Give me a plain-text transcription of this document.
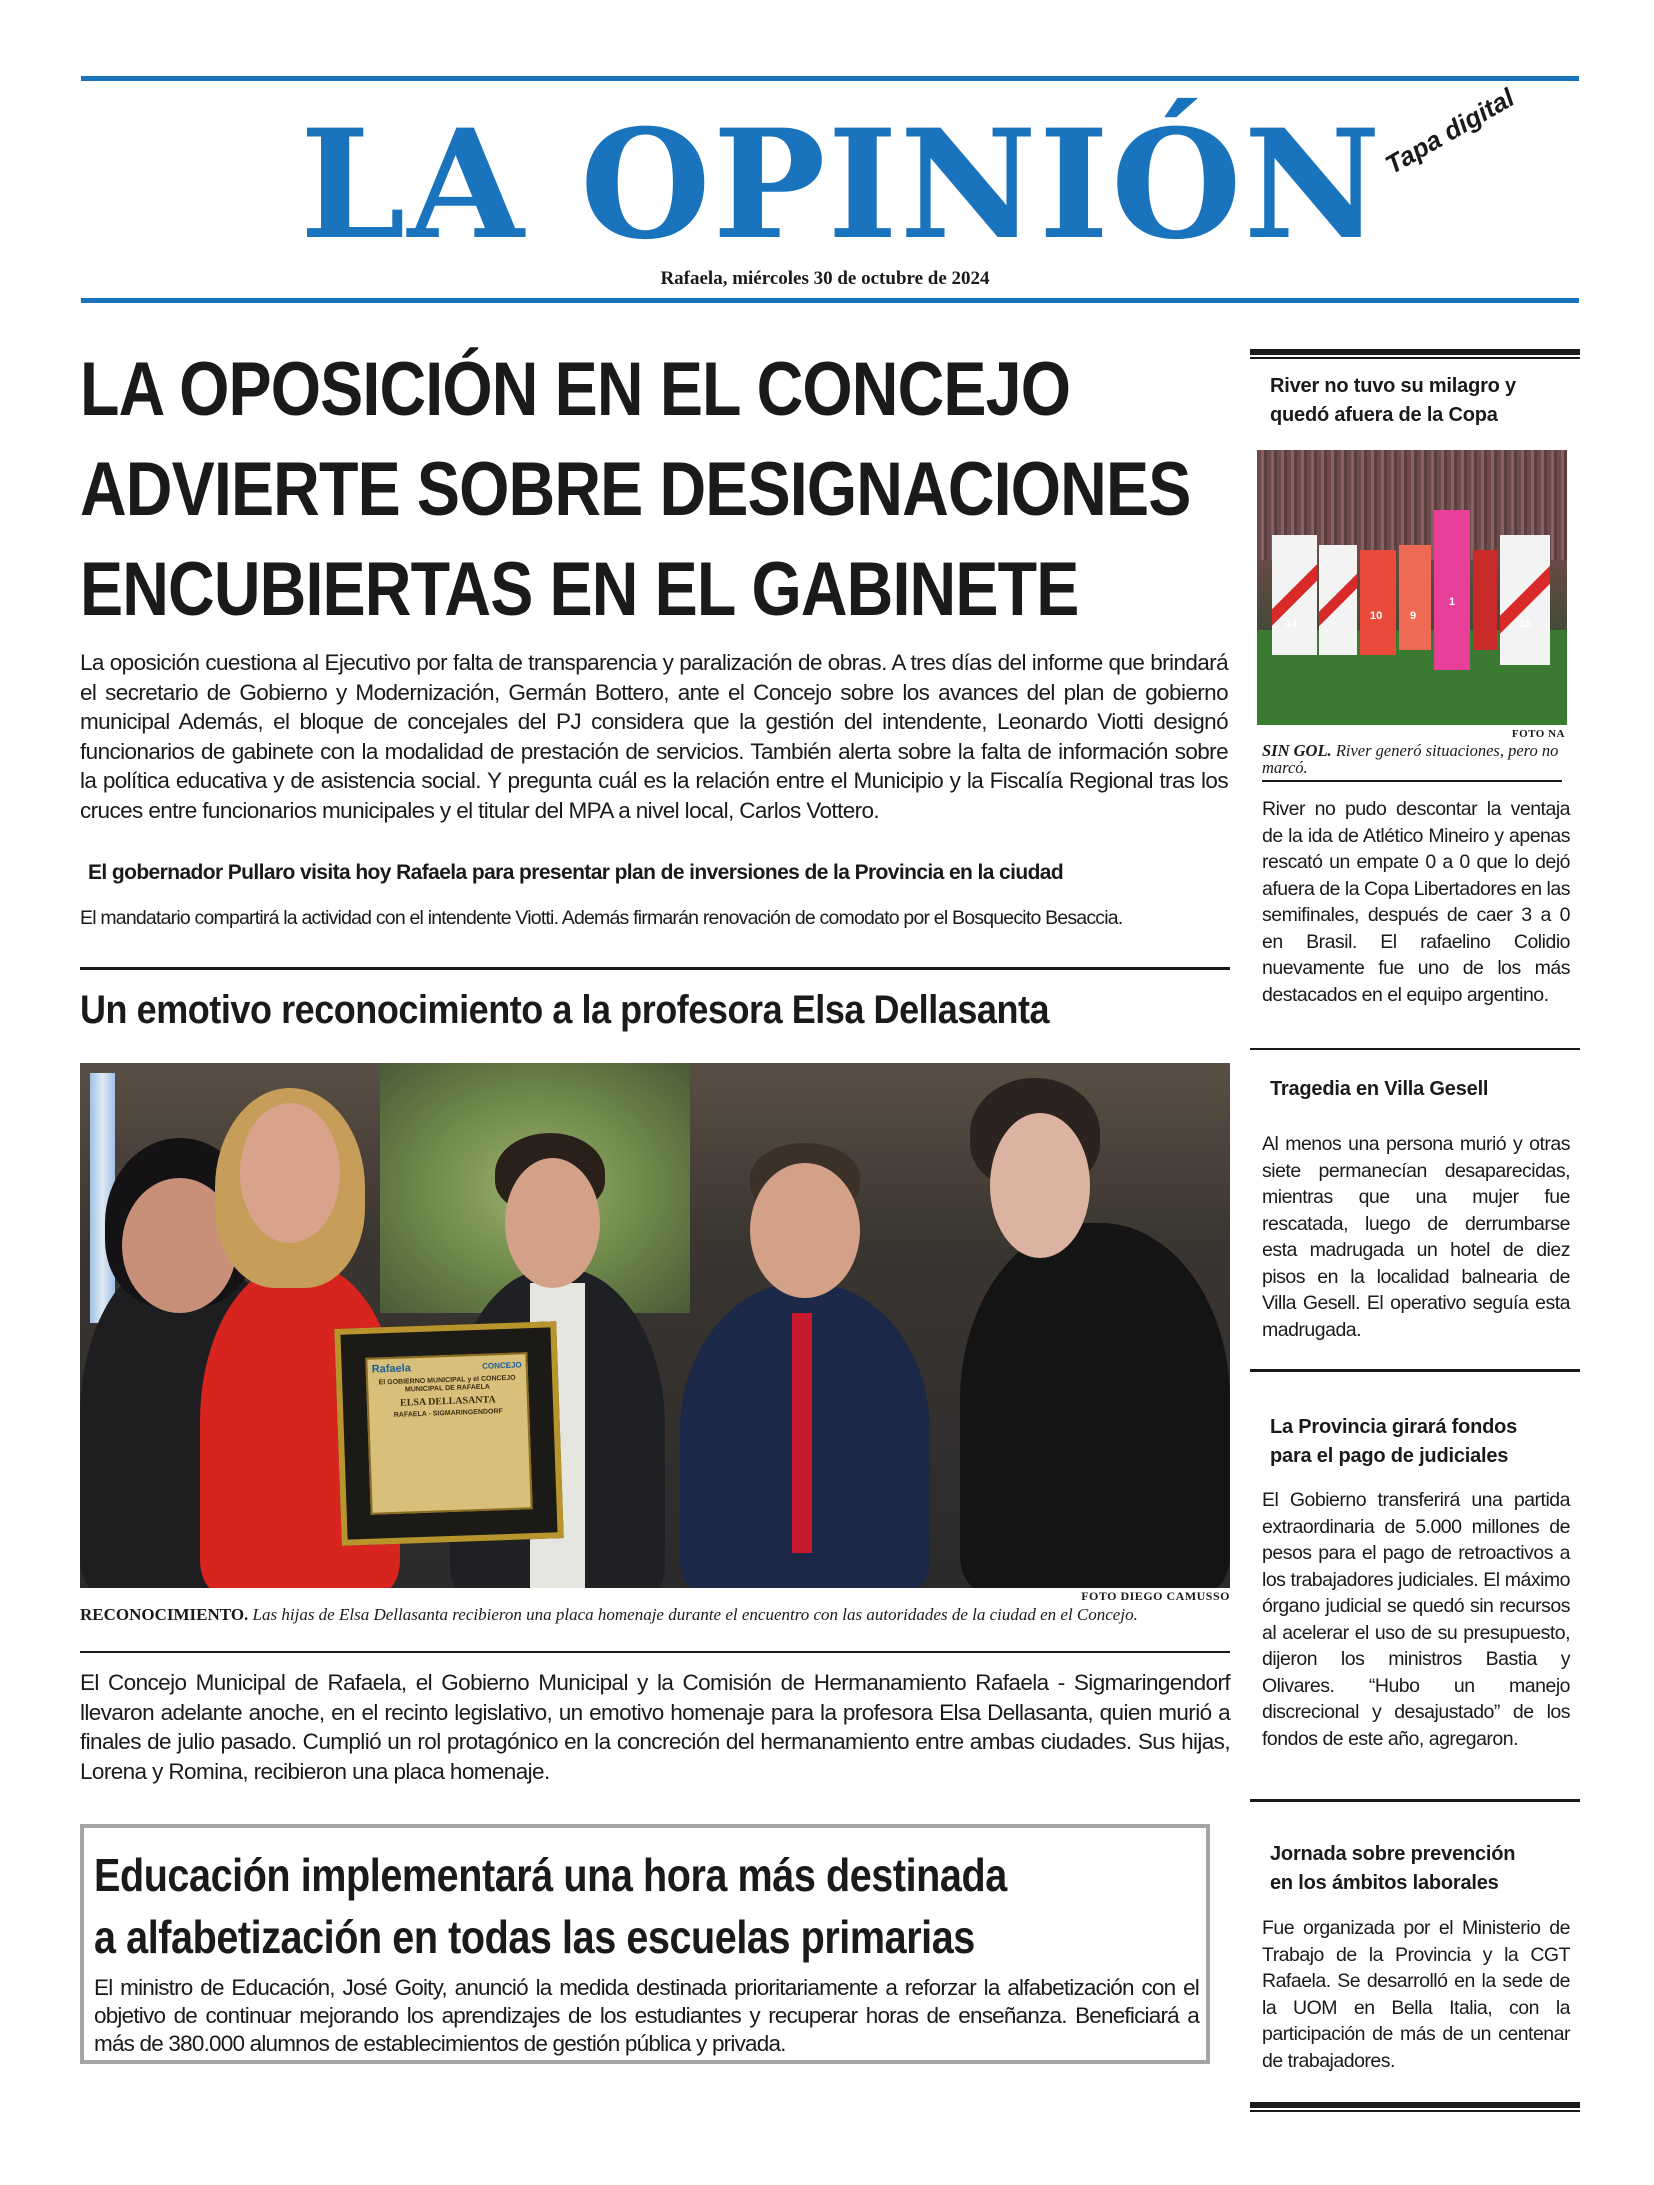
LA OPINIÓN
Tapa digital
Rafaela, miércoles 30 de octubre de 2024
LA OPOSICIÓN EN EL CONCEJO
ADVIERTE SOBRE DESIGNACIONES
ENCUBIERTAS EN EL GABINETE
La oposición cuestiona al Ejecutivo por falta de transparencia y paralización de obras. A tres días del informe que brindará el secretario de Gobierno y Modernización, Germán Bottero, ante el Concejo sobre los avances del plan de gobierno municipal Además, el bloque de concejales del PJ considera que la gestión del intendente, Leonardo Viotti designó funcionarios de gabinete con la modalidad de prestación de servicios. También alerta sobre la falta de información sobre la política educativa y de asistencia social. Y pregunta cuál es la relación entre el Municipio y la Fiscalía Regional tras los cruces entre funcionarios municipales y el titular del MPA a nivel local, Carlos Vottero.
El gobernador Pullaro visita hoy Rafaela para presentar plan de inversiones de la Provincia en la ciudad
El mandatario compartirá la actividad con el intendente Viotti. Además firmarán renovación de comodato por el Bosquecito Besaccia.
Un emotivo reconocimiento a la profesora Elsa Dellasanta
Rafaela	CONCEJO
El GOBIERNO MUNICIPAL y el CONCEJO MUNICIPAL DE RAFAELA
ELSA DELLASANTA
RAFAELA - SIGMARINGENDORF
FOTO DIEGO CAMUSSO
RECONOCIMIENTO. Las hijas de Elsa Dellasanta recibieron una placa homenaje durante el encuentro con las autoridades de la ciudad en el Concejo.
El Concejo Municipal de Rafaela, el Gobierno Municipal y la Comisión de Hermanamiento Rafaela - Sigmaringendorf llevaron adelante anoche, en el recinto legislativo, un emotivo homenaje para la profesora Elsa Dellasanta, quien murió a finales de julio pasado. Cumplió un rol protagónico en la concreción del hermanamiento entre ambas ciudades. Sus hijas, Lorena y Romina, recibieron una placa homenaje.
Educación implementará una hora más destinada
a alfabetización en todas las escuelas primarias
El ministro de Educación, José Goity, anunció la medida destinada prioritariamente a reforzar la alfabetización con el objetivo de continuar mejorando los aprendizajes de los estudiantes y recuperar horas de enseñanza. Beneficiará a más de 380.000 alumnos de establecimientos de gestión pública y privada.
River no tuvo su milagro y quedó afuera de la Copa
14
10	9
1
18
FOTO NA
SIN GOL. River generó situaciones, pero no marcó.
River no pudo descontar la ventaja de la ida de Atlético Mineiro y apenas rescató un empate 0 a 0 que lo dejó afuera de la Copa Libertadores en las semifinales, después de caer 3 a 0 en Brasil. El rafaelino Colidio nuevamente fue uno de los más destacados en el equipo argentino.
Tragedia en Villa Gesell
Al menos una persona murió y otras siete permanecían desaparecidas, mientras que una mujer fue rescatada, luego de derrumbarse esta madrugada un hotel de diez pisos en la localidad balnearia de Villa Gesell. El operativo seguía esta madrugada.
La Provincia girará fondos para el pago de judiciales
El Gobierno transferirá una partida extraordinaria de 5.000 millones de pesos para el pago de retroactivos a los trabajadores judiciales. El máximo órgano judicial se quedó sin recursos al acelerar el uso de su presupuesto, dijeron los ministros Bastia y Olivares. “Hubo un manejo discrecional y desajustado” de los fondos de este año, agregaron.
Jornada sobre prevención en los ámbitos laborales
Fue organizada por el Ministerio de Trabajo de la Provincia y la CGT Rafaela. Se desarrolló en la sede de la UOM en Bella Italia, con la participación de más de un centenar de trabajadores.
